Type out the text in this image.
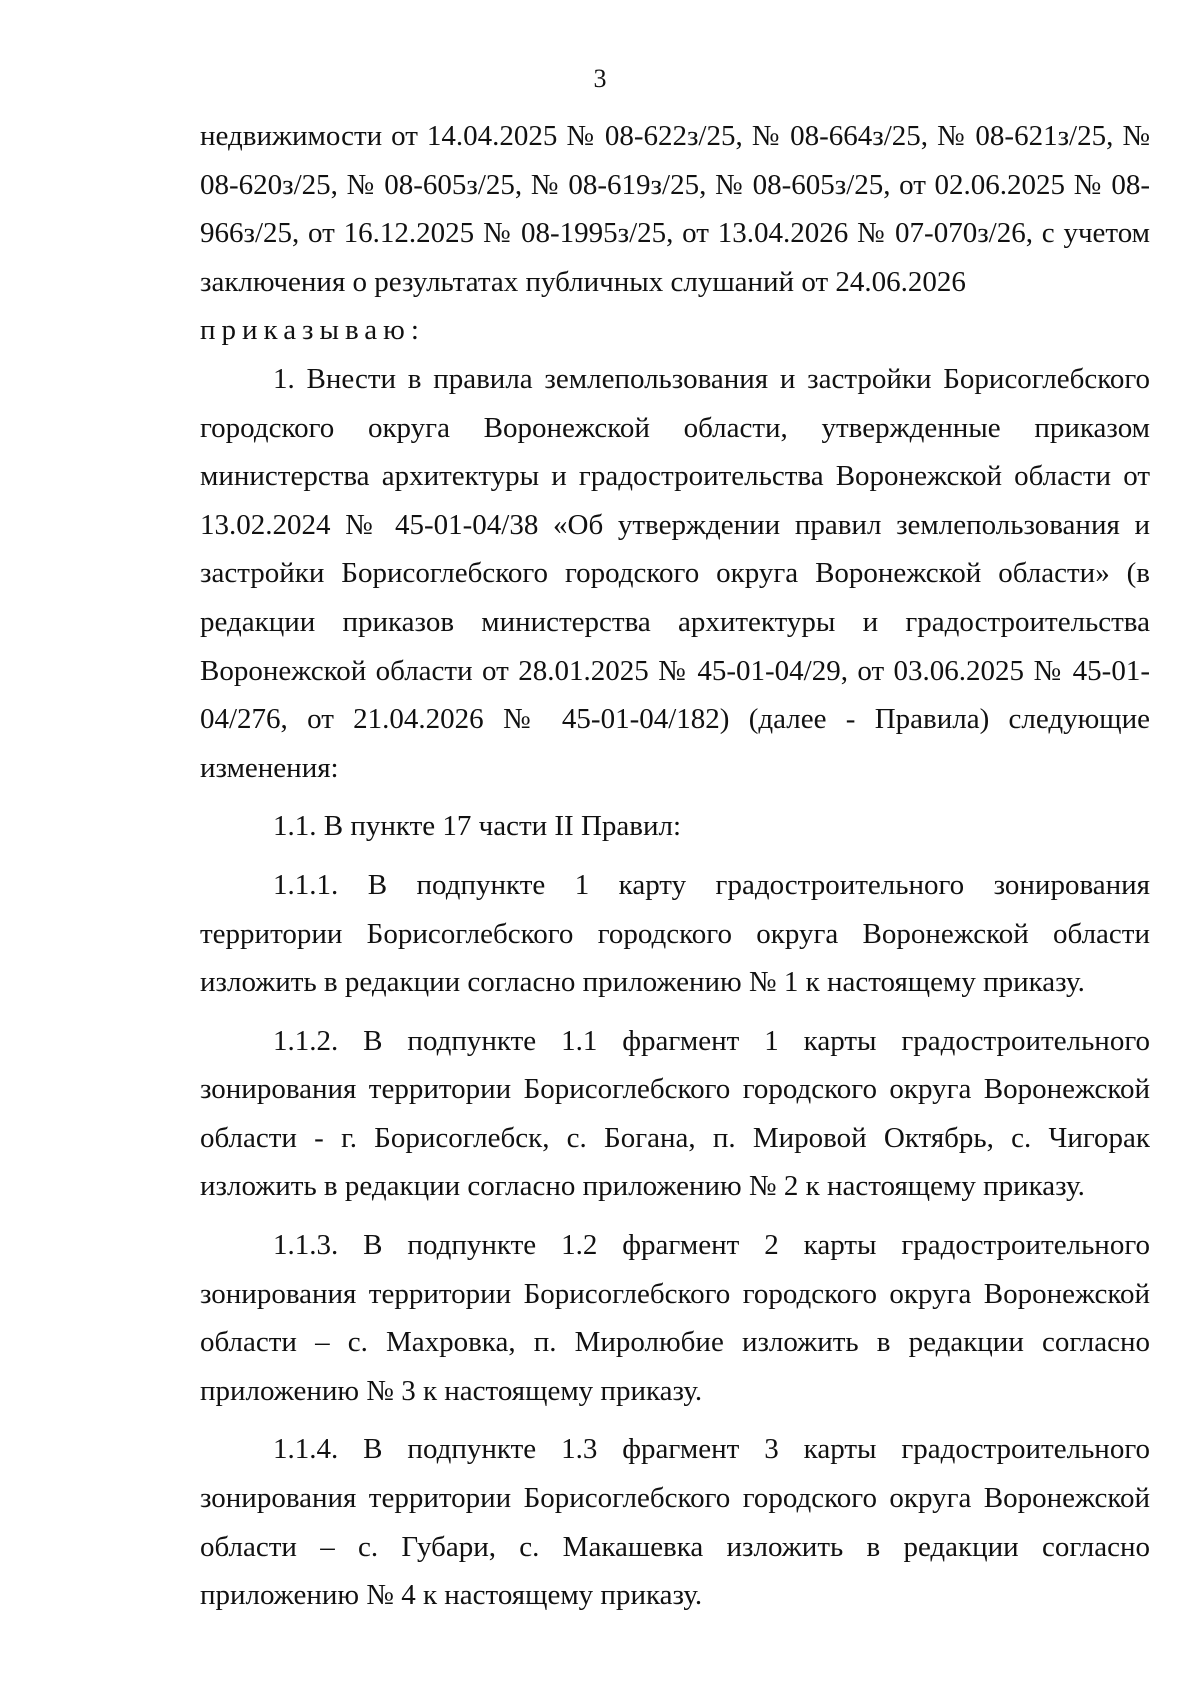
3

недвижимости от 14.04.2025 № 08-622з/25, № 08-664з/25, № 08-621з/25, № 08-620з/25, № 08-605з/25, № 08-619з/25, № 08-605з/25, от 02.06.2025 № 08-966з/25, от 16.12.2025 № 08-1995з/25, от 13.04.2026 № 07-070з/26, с учетом заключения о результатах публичных слушаний от 24.06.2026

приказываю:

1. Внести в правила землепользования и застройки Борисоглебского городского округа Воронежской области, утвержденные приказом министерства архитектуры и градостроительства Воронежской области от 13.02.2024 № 45-01-04/38 «Об утверждении правил землепользования и застройки Борисоглебского городского округа Воронежской области» (в редакции приказов министерства архитектуры и градостроительства Воронежской области от 28.01.2025 № 45-01-04/29, от 03.06.2025 № 45-01-04/276, от 21.04.2026 № 45-01-04/182) (далее - Правила) следующие изменения:

1.1. В пункте 17 части II Правил:

1.1.1. В подпункте 1 карту градостроительного зонирования территории Борисоглебского городского округа Воронежской области изложить в редакции согласно приложению № 1 к настоящему приказу.

1.1.2. В подпункте 1.1 фрагмент 1 карты градостроительного зонирования территории Борисоглебского городского округа Воронежской области - г. Борисоглебск, с. Богана, п. Мировой Октябрь, с. Чигорак изложить в редакции согласно приложению № 2 к настоящему приказу.

1.1.3. В подпункте 1.2 фрагмент 2 карты градостроительного зонирования территории Борисоглебского городского округа Воронежской области – с. Махровка, п. Миролюбие изложить в редакции согласно приложению № 3 к настоящему приказу.

1.1.4. В подпункте 1.3 фрагмент 3 карты градостроительного зонирования территории Борисоглебского городского округа Воронежской области – с. Губари, с. Макашевка изложить в редакции согласно приложению № 4 к настоящему приказу.
